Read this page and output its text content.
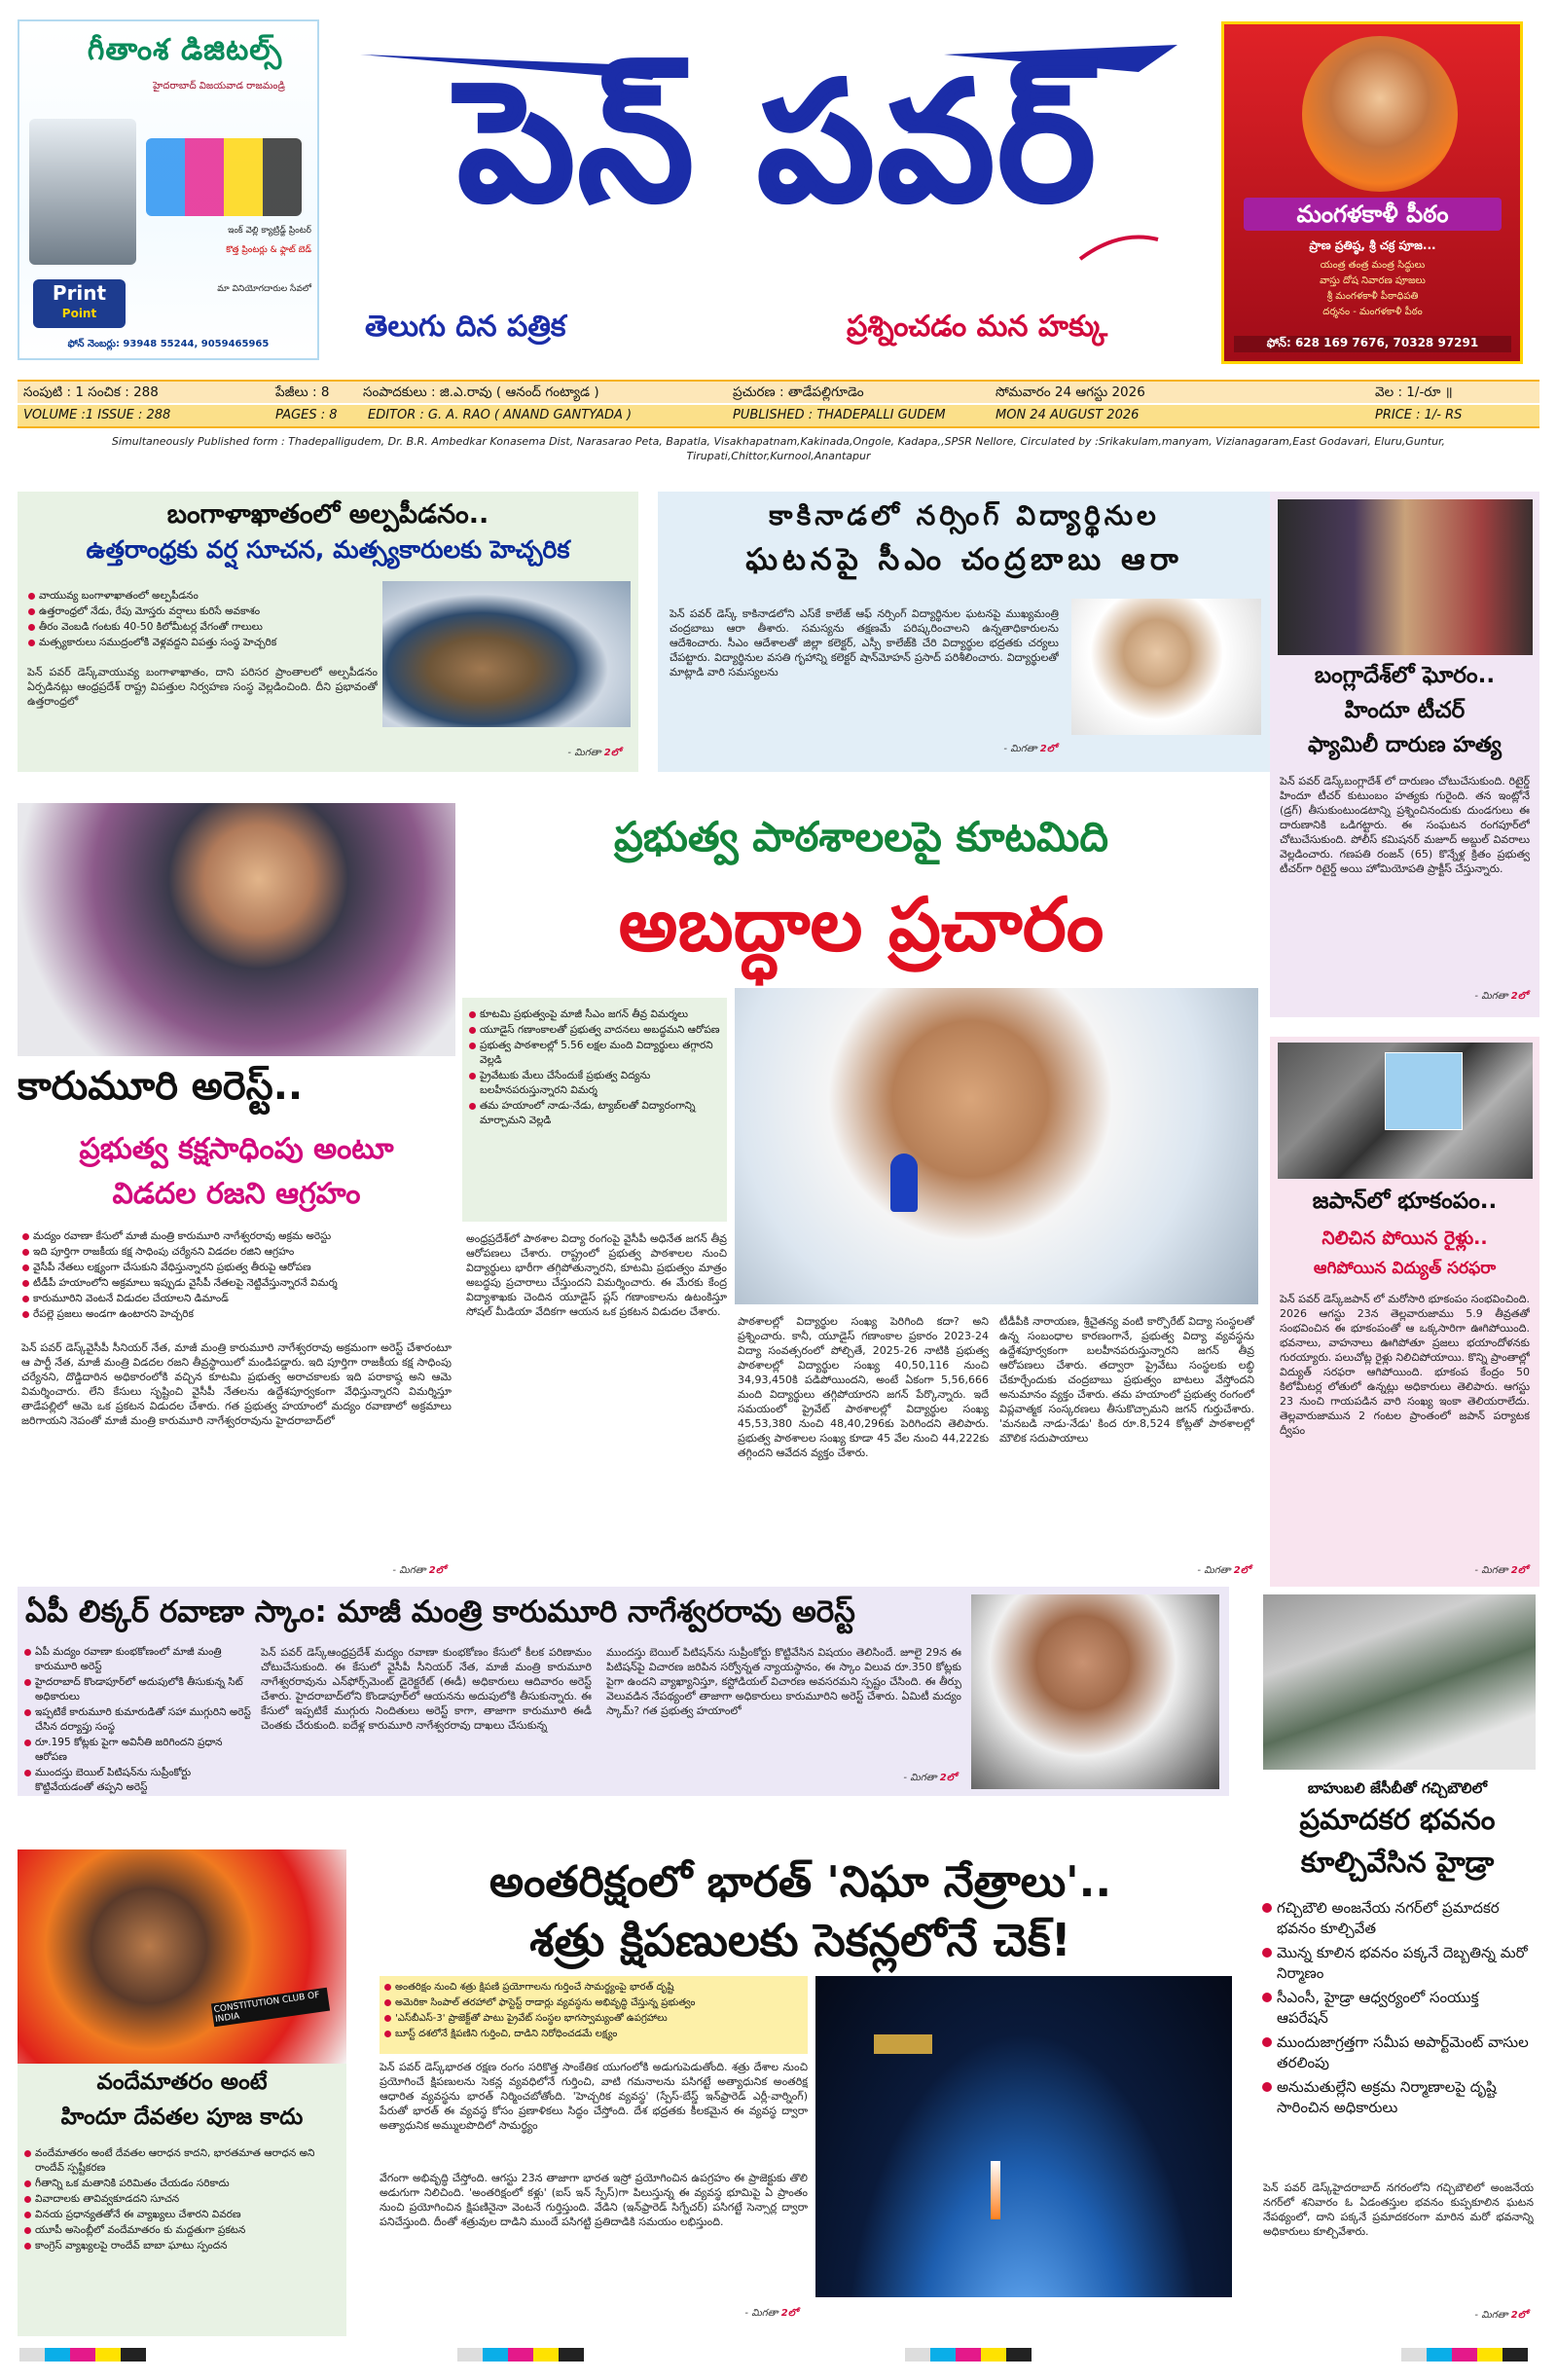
గీతాంశ డిజిటల్స్
హైదరాబాద్ విజయవాడ రాజమండ్రి
ఇంక్ వెల్లి క్యాట్రిడ్జ్ ప్రింటర్
కొత్త ప్రింటర్లు & ఫ్లాట్ బెడ్
మా వినియోగదారుల సేవలో
Print
Point
ఫోన్ నెంబర్లు: 93948 55244, 9059465965
పెన్ పవర్
తెలుగు దిన పత్రిక	ప్రశ్నించడం మన హక్కు
మంగళకాళీ పీఠం
ప్రాణ ప్రతిష్ఠ, శ్రీ చక్ర పూజ...
యంత్ర తంత్ర మంత్ర సిద్ధులు
వాస్తు దోష నివారణ పూజలు
శ్రీ మంగళకాళీ పీఠాధిపతి
దర్శనం - మంగళకాళీ పీఠం
ఫోన్: 628 169 7676, 70328 97291
సంపుటి : 1 సంచిక : 288	పేజీలు : 8	సంపాదకులు : జి.ఎ.రావు ( ఆనంద్ గంట్యాడ )	ప్రచురణ : తాడేపల్లిగూడెం	సోమవారం 24 ఆగస్టు 2026	వెల : 1/-రూ ॥
VOLUME :1 ISSUE : 288	PAGES : 8 EDITOR : G. A. RAO ( ANAND GANTYADA )	PUBLISHED : THADEPALLI GUDEM	MON 24 AUGUST 2026	PRICE : 1/- RS
Simultaneously Published form : Thadepalligudem, Dr. B.R. Ambedkar Konasema Dist, Narasarao Peta, Bapatla, Visakhapatnam,Kakinada,Ongole, Kadapa,,SPSR Nellore, Circulated by :Srikakulam,manyam, Vizianagaram,East Godavari, Eluru,Guntur, Tirupati,Chittor,Kurnool,Anantapur
బంగాళాఖాతంలో అల్పపీడనం..
ఉత్తరాంధ్రకు వర్ష సూచన, మత్స్యకారులకు హెచ్చరిక
వాయువ్య బంగాళాఖాతంలో అల్పపీడనం
ఉత్తరాంధ్రలో నేడు, రేపు మోస్తరు వర్షాలు కురిసే అవకాశం
తీరం వెంబడి గంటకు 40-50 కిలోమీటర్ల వేగంతో గాలులు
మత్స్యకారులు సముద్రంలోకి వెళ్లవద్దని విపత్తు సంస్థ హెచ్చరిక
పెన్ పవర్ డెస్క్‌వాయువ్య బంగాళాఖాతం, దాని పరిసర ప్రాంతాలలో అల్పపీడనం ఏర్పడినట్లు ఆంధ్రప్రదేశ్ రాష్ట్ర విపత్తుల నిర్వహణ సంస్థ వెల్లడించింది. దీని ప్రభావంతో ఉత్తరాంధ్రలో
- మిగతా 2లో
కాకినాడలో నర్సింగ్ విద్యార్థినుల
ఘటనపై సీఎం చంద్రబాబు ఆరా
పెన్ పవర్ డెస్క్ కాకినాడలోని ఎస్‌కే కాలేజ్ ఆఫ్ నర్సింగ్ విద్యార్థినుల ఘటనపై ముఖ్యమంత్రి చంద్రబాబు ఆరా తీశారు. సమస్యను తక్షణమే పరిష్కరించాలని ఉన్నతాధికారులను ఆదేశించారు. సీఎం ఆదేశాలతో జిల్లా కలెక్టర్, ఎస్పీ కాలేజ్‌కి చేరి విద్యార్థుల భద్రతకు చర్యలు చేపట్టారు. విద్యార్థినుల వసతి గృహాన్ని కలెక్టర్ షాన్‌మోహన్ ప్రసాద్ పరిశీలించారు. విద్యార్థులతో మాట్లాడి వారి సమస్యలను
- మిగతా 2లో
బంగ్లాదేశ్‌లో ఘోరం..
హిందూ టీచర్
ఫ్యామిలీ దారుణ హత్య
పెన్ పవర్ డెస్క్‌బంగ్లాదేశ్ లో దారుణం చోటుచేసుకుంది. రిటైర్డ్ హిందూ టీచర్ కుటుంబం హత్యకు గురైంది. తన ఇంట్లోనే (డ్రగ్) తీసుకుంటుండటాన్ని ప్రశ్నించినందుకు దుండగులు ఈ దారుణానికి ఒడిగట్టారు. ఈ సంఘటన రంగపూర్‌లో చోటుచేసుకుంది. పోలీస్ కమిషనర్ మజూద్ అబ్దుల్ వివరాలు వెల్లడించారు. గణపతి రంజన్ (65) కొన్నేళ్ల క్రితం ప్రభుత్వ టీచర్‌గా రిటైర్డ్ అయి హోమియోపతి ప్రాక్టీస్ చేస్తున్నారు.
- మిగతా 2లో
కారుమూరి అరెస్ట్..
ప్రభుత్వ కక్షసాధింపు అంటూ
విడదల రజని ఆగ్రహం
మద్యం రవాణా కేసులో మాజీ మంత్రి కారుమూరి నాగేశ్వరరావు అక్రమ అరెస్టు
ఇది పూర్తిగా రాజకీయ కక్ష సాధింపు చర్యేనని విడదల రజిని ఆగ్రహం
వైసీపీ నేతలు లక్ష్యంగా చేసుకుని వేధిస్తున్నారని ప్రభుత్వ తీరుపై ఆరోపణ
టీడీపీ హయాంలోని అక్రమాలు ఇప్పుడు వైసీపీ నేతలపై నెట్టివేస్తున్నారనే విమర్శ
కారుమూరిని వెంటనే విడుదల చేయాలని డిమాండ్
రేపల్లె ప్రజలు అండగా ఉంటారని హెచ్చరిక
పెన్ పవర్ డెస్క్‌వైసీపీ సీనియర్ నేత, మాజీ మంత్రి కారుమూరి నాగేశ్వరరావు అక్రమంగా అరెస్ట్ చేశారంటూ ఆ పార్టీ నేత, మాజీ మంత్రి విడదల రజని తీవ్రస్థాయిలో మండిపడ్డారు. ఇది పూర్తిగా రాజకీయ కక్ష సాధింపు చర్యేనని, దొడ్డిదారిన అధికారంలోకి వచ్చిన కూటమి ప్రభుత్వ అరాచకాలకు ఇది పరాకాష్ఠ అని ఆమె విమర్శించారు. లేని కేసులు సృష్టించి వైసీపీ నేతలను ఉద్దేశపూర్వకంగా వేధిస్తున్నారని విమర్శిస్తూ తాడేపల్లిలో ఆమె ఒక ప్రకటన విడుదల చేశారు. గత ప్రభుత్వ హయాంలో మద్యం రవాణాలో అక్రమాలు జరిగాయని నెపంతో మాజీ మంత్రి కారుమూరి నాగేశ్వరరావును హైదరాబాద్‌లో
- మిగతా 2లో
ప్రభుత్వ పాఠశాలలపై కూటమిది
అబద్ధాల ప్రచారం
కూటమి ప్రభుత్వంపై మాజీ సీఎం జగన్ తీవ్ర విమర్శలు
యూడైస్ గణాంకాలతో ప్రభుత్వ వాదనలు అబద్ధమని ఆరోపణ
ప్రభుత్వ పాఠశాలల్లో 5.56 లక్షల మంది విద్యార్థులు తగ్గారని వెల్లడి
ప్రైవేటుకు మేలు చేసేందుకే ప్రభుత్వ విద్యను బలహీనపరుస్తున్నారని విమర్శ
తమ హయాంలో నాడు-నేడు, ట్యాబ్‌లతో విద్యారంగాన్ని మార్చామని వెల్లడి
అంధ్రప్రదేశ్‌లో పాఠశాల విద్యా రంగంపై వైసీపీ అధినేత జగన్ తీవ్ర ఆరోపణలు చేశారు. రాష్ట్రంలో ప్రభుత్వ పాఠశాలల నుంచి విద్యార్థులు భారీగా తగ్గిపోతున్నారని, కూటమి ప్రభుత్వం మాత్రం అబద్ధపు ప్రచారాలు చేస్తుందని విమర్శించారు. ఈ మేరకు కేంద్ర విద్యాశాఖకు చెందిన యూడైస్ ప్లస్ గణాంకాలను ఉటంకిస్తూ సోషల్ మీడియా వేదికగా ఆయన ఒక ప్రకటన విడుదల చేశారు.
పాఠశాలల్లో విద్యార్థుల సంఖ్య పెరిగింది కదా? అని ప్రశ్నించారు. కానీ, యూడైస్ గణాంకాల ప్రకారం 2023-24 విద్యా సంవత్సరంలో పోల్చితే, 2025-26 నాటికి ప్రభుత్వ పాఠశాలల్లో విద్యార్థుల సంఖ్య 40,50,116 నుంచి 34,93,450కి పడిపోయిందని, అంటే ఏకంగా 5,56,666 మంది విద్యార్థులు తగ్గిపోయారని జగన్ పేర్కొన్నారు. ఇదే సమయంలో ప్రైవేట్ పాఠశాలల్లో విద్యార్థుల సంఖ్య 45,53,380 నుంచి 48,40,296కు పెరిగిందని తెలిపారు. ప్రభుత్వ పాఠశాలల సంఖ్య కూడా 45 వేల నుంచి 44,222కు తగ్గిందని ఆవేదన వ్యక్తం చేశారు.
టీడీపీకి నారాయణ, శ్రీచైతన్య వంటి కార్పొరేట్ విద్యా సంస్థలతో ఉన్న సంబంధాల కారణంగానే, ప్రభుత్వ విద్యా వ్యవస్థను ఉద్దేశపూర్వకంగా బలహీనపరుస్తున్నారని జగన్ తీవ్ర ఆరోపణలు చేశారు. తద్వారా ప్రైవేటు సంస్థలకు లబ్ధి చేకూర్చేందుకు చంద్రబాబు ప్రభుత్వం బాటలు వేస్తోందని అనుమానం వ్యక్తం చేశారు. తమ హయాంలో ప్రభుత్వ రంగంలో విప్లవాత్మక సంస్కరణలు తీసుకొచ్చామని జగన్ గుర్తుచేశారు. 'మనబడి నాడు-నేడు' కింద రూ.8,524 కోట్లతో పాఠశాలల్లో మౌలిక సదుపాయాలు
- మిగతా 2లో
జపాన్‌లో భూకంపం..
నిలిచిన పోయిన రైళ్లు..
ఆగిపోయిన విద్యుత్ సరఫరా
పెన్ పవర్ డెస్క్‌జపాన్ లో మరోసారి భూకంపం సంభవించింది. 2026 ఆగస్టు 23న తెల్లవారుజాము 5.9 తీవ్రతతో సంభవించిన ఈ భూకంపంతో ఆ ఒక్కసారిగా ఊగిపోయింది. భవనాలు, వాహనాలు ఊగిపోతూ ప్రజలు భయాందోళనకు గురయ్యారు. పలుచోట్ల రైళ్లు నిలిచిపోయాయి. కొన్ని ప్రాంతాల్లో విద్యుత్ సరఫరా ఆగిపోయింది. భూకంప కేంద్రం 50 కిలోమీటర్ల లోతులో ఉన్నట్లు అధికారులు తెలిపారు. ఆగస్టు 23 నుంచి గాయపడిన వారి సంఖ్య ఇంకా తెలియరాలేదు. తెల్లవారుజామున 2 గంటల ప్రాంతంలో జపాన్ పర్యాటక ద్వీపం
- మిగతా 2లో
ఏపీ లిక్కర్ రవాణా స్కాం: మాజీ మంత్రి కారుమూరి నాగేశ్వరరావు అరెస్ట్
ఏపీ మద్యం రవాణా కుంభకోణంలో మాజీ మంత్రి కారుమూరి అరెస్ట్
హైదరాబాద్ కొండాపూర్‌లో అదుపులోకి తీసుకున్న సిట్ అధికారులు
ఇప్పటికే కారుమూరి కుమారుడితో సహా ముగ్గురిని అరెస్ట్ చేసిన దర్యాప్తు సంస్థ
రూ.195 కోట్లకు పైగా అవినీతి జరిగిందని ప్రధాన ఆరోపణ
ముందస్తు బెయిల్ పిటిషన్‌ను సుప్రీంకోర్టు కొట్టివేయడంతో తప్పని అరెస్ట్
పెన్ పవర్ డెస్క్‌ఆంధ్రప్రదేశ్ మద్యం రవాణా కుంభకోణం కేసులో కీలక పరిణామం చోటుచేసుకుంది. ఈ కేసులో వైసీపీ సీనియర్ నేత, మాజీ మంత్రి కారుమూరి నాగేశ్వరరావును ఎన్‌ఫోర్స్‌మెంట్ డైరెక్టరేట్ (ఈడీ) అధికారులు ఆదివారం అరెస్ట్ చేశారు. హైదరాబాద్‌లోని కొండాపూర్‌లో ఆయనను అదుపులోకి తీసుకున్నారు. ఈ కేసులో ఇప్పటికే ముగ్గురు నిందితులు అరెస్ట్ కాగా, తాజాగా కారుమూరి ఈడీ చెంతకు చేరుకుంది. ఐదేళ్ల కారుమూరి నాగేశ్వరరావు దాఖలు చేసుకున్న
ముందస్తు బెయిల్ పిటిషన్‌ను సుప్రీంకోర్టు కొట్టివేసిన విషయం తెలిసిందే. జూలై 29న ఈ పిటిషన్‌పై విచారణ జరిపిన సర్వోన్నత న్యాయస్థానం, ఈ స్కాం విలువ రూ.350 కోట్లకు పైగా ఉందని వ్యాఖ్యానిస్తూ, కస్టోడియల్ విచారణ అవసరమని స్పష్టం చేసింది. ఈ తీర్పు వెలువడిన నేపథ్యంలో తాజాగా అధికారులు కారుమూరిని అరెస్ట్ చేశారు. ఏమిటీ మద్యం స్కామ్? గత ప్రభుత్వ హయాంలో
- మిగతా 2లో
బాహుబలి జేసీబీతో గచ్చిబౌలిలో
ప్రమాదకర భవనం
కూల్చివేసిన హైడ్రా
గచ్చిబౌలి అంజనేయ నగర్‌లో ప్రమాదకర భవనం కూల్చివేత
మొన్న కూలిన భవనం పక్కనే దెబ్బతిన్న మరో నిర్మాణం
సీఎంసీ, హైడ్రా ఆధ్వర్యంలో సంయుక్త ఆపరేషన్
ముందుజాగ్రత్తగా సమీప అపార్ట్‌మెంట్ వాసుల తరలింపు
అనుమతుల్లేని అక్రమ నిర్మాణాలపై దృష్టి సారించిన అధికారులు
పెన్ పవర్ డెస్క్‌హైదరాబాద్ నగరంలోని గచ్చిబౌలిలో అంజనేయ నగర్‌లో శనివారం ఓ ఏడంతస్తుల భవనం కుప్పకూలిన ఘటన నేపథ్యంలో, దాని పక్కనే ప్రమాదకరంగా మారిన మరో భవనాన్ని అధికారులు కూల్చివేశారు.
- మిగతా 2లో
CONSTITUTION CLUB OF INDIA
వందేమాతరం అంటే
హిందూ దేవతల పూజ కాదు
వందేమాతరం అంటే దేవతల ఆరాధన కాదని, భారతమాత ఆరాధన అని రాందేవ్ స్పష్టీకరణ
గీతాన్ని ఒక మతానికి పరిమితం చేయడం సరికాదు
వివాదాలకు తావివ్వకూడదని సూచన
వినయ ప్రధాన్యతతోనే ఈ వ్యాఖ్యలు చేశారని వివరణ
యూపీ అసెంబ్లీలో వందేమాతరం కు మద్దతుగా ప్రకటన
కాంగ్రెస్ వ్యాఖ్యలపై రాందేవ్ బాబా ఘాటు స్పందన
అంతరిక్షంలో భారత్ 'నిఘా నేత్రాలు'..
శత్రు క్షిపణులకు సెకన్లలోనే చెక్!
అంతరిక్షం నుంచి శత్రు క్షిపణి ప్రయోగాలను గుర్తించే సామర్థ్యంపై భారత్ దృష్టి
అమెరికా సింపాల్ తరహాలో ఫాస్టెస్ట్ రాడార్లు వ్యవస్థను అభివృద్ధి చేస్తున్న ప్రభుత్వం
'ఎస్‌బీఎస్-3' ప్రాజెక్ట్‌తో పాటు ప్రైవేట్ సంస్థల భాగస్వామ్యంతో ఉపగ్రహాలు
బూస్ట్ దశలోనే క్షిపణిని గుర్తించి, దాడిని నిరోధించడమే లక్ష్యం
పెన్ పవర్ డెస్క్‌భారత రక్షణ రంగం సరికొత్త సాంకేతిక యుగంలోకి అడుగుపెడుతోంది. శత్రు దేశాల నుంచి ప్రయోగించే క్షిపణులను సెకన్ల వ్యవధిలోనే గుర్తించి, వాటి గమనాలను పసిగట్టే అత్యాధునిక అంతరిక్ష ఆధారిత వ్యవస్థను భారత్ నిర్మించబోతోంది. 'హెచ్చరిక వ్యవస్థ' (స్పేస్-బేస్డ్ ఇన్‌ఫ్రారెడ్ ఎర్లీ-వార్నింగ్) పేరుతో భారత్ ఈ వ్యవస్థ కోసం ప్రణాళికలు సిద్ధం చేస్తోంది. దేశ భద్రతకు కీలకమైన ఈ వ్యవస్థ ద్వారా అత్యాధునిక అమ్ములపొదిలో సామర్థ్యం
వేగంగా అభివృద్ధి చేస్తోంది. ఆగస్టు 23న తాజాగా భారత ఇస్రో ప్రయోగించిన ఉపగ్రహం ఈ ప్రాజెక్టుకు తొలి అడుగుగా నిలిచింది. 'అంతరిక్షంలో కళ్లు' (ఐస్ ఇన్ స్పేస్)గా పిలుస్తున్న ఈ వ్యవస్థ భూమిపై ఏ ప్రాంతం నుంచి ప్రయోగించిన క్షిపణినైనా వెంటనే గుర్తిస్తుంది. వేడిని (ఇన్‌ఫ్రారెడ్ సిగ్నేచర్) పసిగట్టే సెన్సార్ల ద్వారా పనిచేస్తుంది. దీంతో శత్రువుల దాడిని ముందే పసిగట్టి ప్రతిదాడికి సమయం లభిస్తుంది.
- మిగతా 2లో
